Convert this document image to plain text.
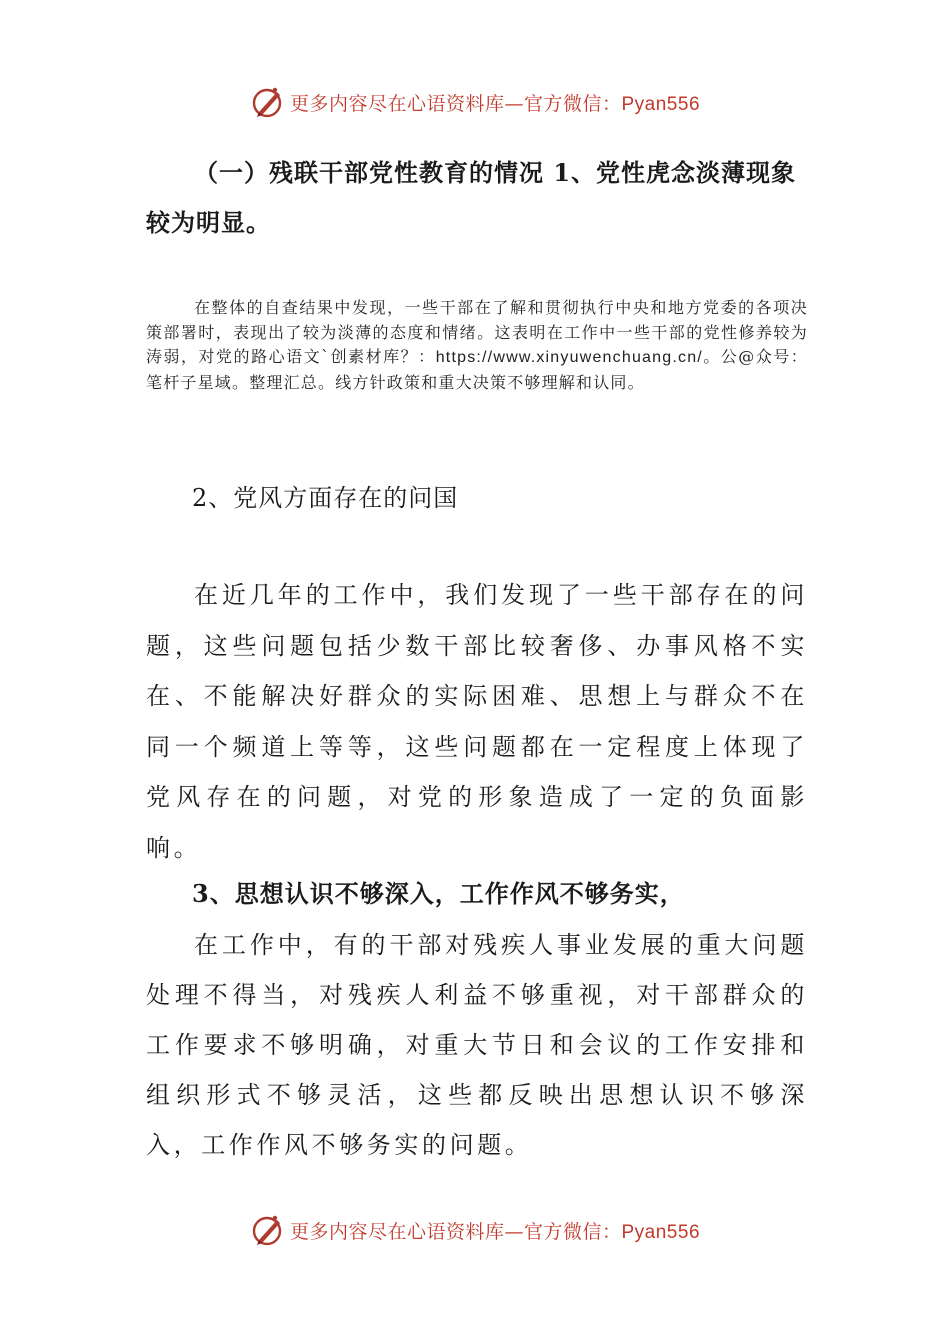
更多内容尽在心语资料库—官方微信：Pyan556

（一）残联干部党性教育的情况 1、党性虎念淡薄现象较为明显。

在整体的自查结果中发现，一些干部在了解和贯彻执行中央和地方党委的各项决策部署时，表现出了较为淡薄的态度和情绪。这表明在工作中一些干部的党性修养较为涛弱，对党的路心语文`创素材库？：https://www.xinyuwenchuang.cn/。公@众号：笔杆子星域。整理汇总。线方针政策和重大决策不够理解和认同。

2、党风方面存在的问国

在近几年的工作中，我们发现了一些干部存在的问题，这些问题包括少数干部比较奢侈、办事风格不实在、不能解决好群众的实际困难、思想上与群众不在同一个频道上等等，这些问题都在一定程度上体现了党风存在的问题，对党的形象造成了一定的负面影响。

3、思想认识不够深入，工作作风不够务实，

在工作中，有的干部对残疾人事业发展的重大问题处理不得当，对残疾人利益不够重视，对干部群众的工作要求不够明确，对重大节日和会议的工作安排和组织形式不够灵活，这些都反映出思想认识不够深入，工作作风不够务实的问题。

更多内容尽在心语资料库—官方微信：Pyan556
